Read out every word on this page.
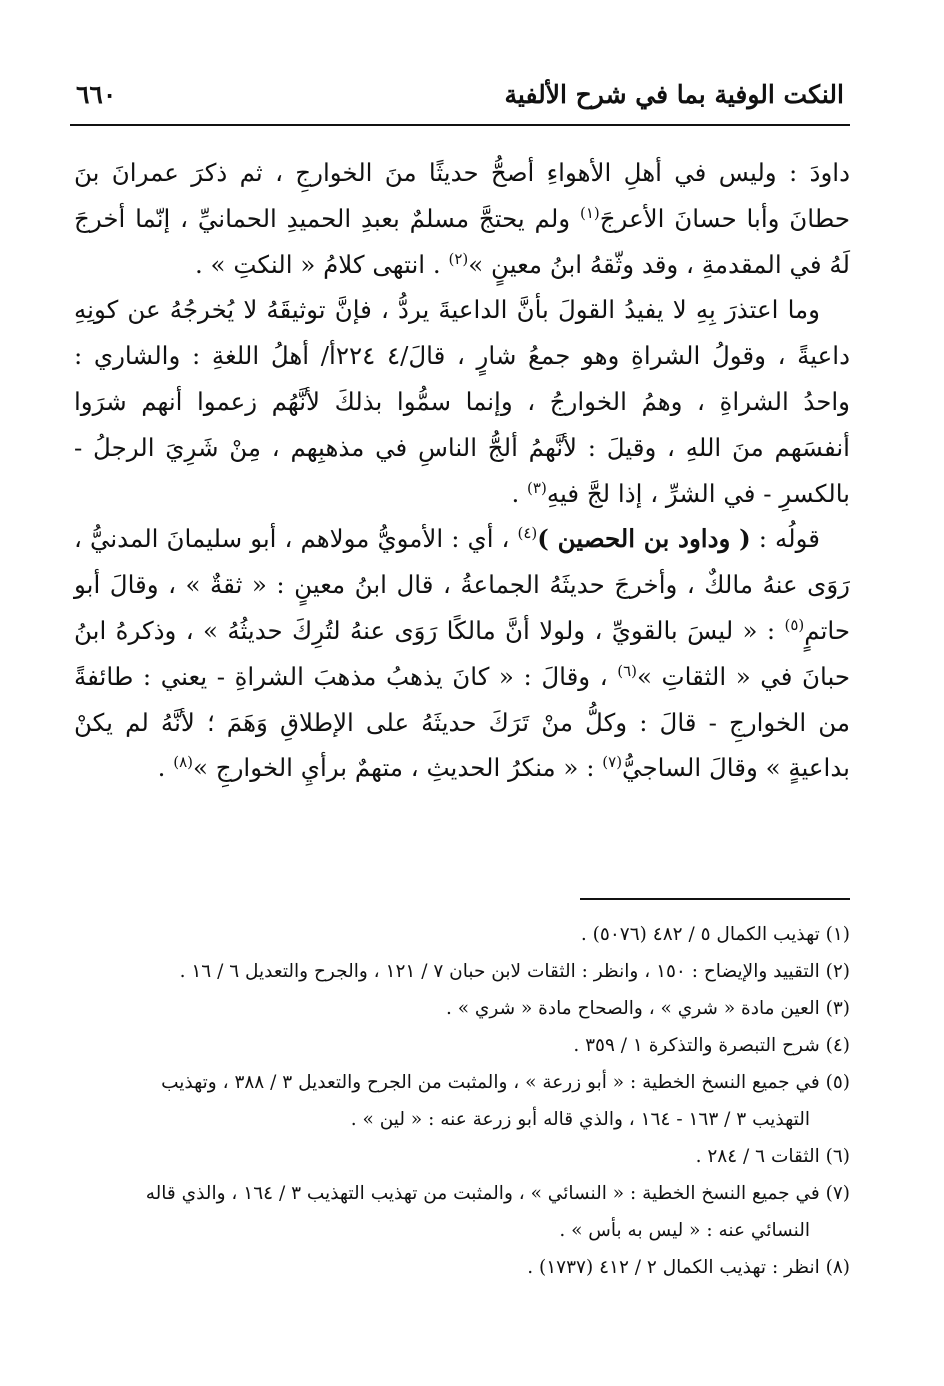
النكت الوفية بما في شرح الألفية
٦٦٠

داودَ : وليس في أهلِ الأهواءِ أصحُّ حديثًا منَ الخوارجِ ، ثم ذكرَ عمرانَ بنَ حطانَ وأبا حسانَ الأعرجَ$^{(١)}$ ولم يحتجَّ مسلمٌ بعبدِ الحميدِ الحمانيِّ ، إنّما أخرجَ لَهُ في المقدمةِ ، وقد وثّقهُ ابنُ معينٍ »$^{(٢)}$ . انتهى كلامُ « النكتِ » .

وما اعتذرَ بِهِ لا يفيدُ القولَ بأنَّ الداعيةَ يردُّ ، فإنَّ توثيقَهُ لا يُخرجُهُ عن كونِهِ داعيةً ، وقولُ الشراةِ وهو جمعُ شارٍ ، قالَ/٤ ٢٢٤أ/ أهلُ اللغةِ : والشاري : واحدُ الشراةِ ، وهمُ الخوارجُ ، وإنما سمُّوا بذلكَ لأنَّهُم زعموا أنهم شرَوا أنفسَهم منَ اللهِ ، وقيلَ : لأنَّهمُ ألجُّ الناسِ في مذهبِهم ، مِنْ شَرِيَ الرجلُ - بالكسرِ - في الشرِّ ، إذا لجَّ فيهِ$^{(٣)}$ .

قولُه : ( وداود بن الحصين )$^{(٤)}$ ، أي : الأمويُّ مولاهم ، أبو سليمانَ المدنيُّ ، رَوَى عنهُ مالكٌ ، وأخرجَ حديثَهُ الجماعةُ ، قال ابنُ معينٍ : « ثقةٌ » ، وقالَ أبو حاتمٍ$^{(٥)}$ : « ليسَ بالقويِّ ، ولولا أنَّ مالكًا رَوَى عنهُ لتُرِكَ حديثُهُ » ، وذكرهُ ابنُ حبانَ في « الثقاتِ »$^{(٦)}$ ، وقالَ : « كانَ يذهبُ مذهبَ الشراةِ - يعني : طائفةً من الخوارجِ - قالَ : وكلُّ منْ تَرَكَ حديثَهُ على الإطلاقِ وَهَمَ ؛ لأنَّهُ لم يكنْ بداعيةٍ » وقالَ الساجيُّ$^{(٧)}$ : « منكرُ الحديثِ ، متهمٌ برأيِ الخوارجِ »$^{(٨)}$ .

(١) تهذيب الكمال ٥ / ٤٨٢ (٥٠٧٦) .

(٢) التقييد والإيضاح : ١٥٠ ، وانظر : الثقات لابن حبان ٧ / ١٢١ ، والجرح والتعديل ٦ / ١٦ .

(٣) العين مادة « شري » ، والصحاح مادة « شري » .

(٤) شرح التبصرة والتذكرة ١ / ٣٥٩ .

(٥) في جميع النسخ الخطية : « أبو زرعة » ، والمثبت من الجرح والتعديل ٣ / ٣٨٨ ، وتهذيب

التهذيب ٣ / ١٦٣ - ١٦٤ ، والذي قاله أبو زرعة عنه : « لين » .

(٦) الثقات ٦ / ٢٨٤ .

(٧) في جميع النسخ الخطية : « النسائي » ، والمثبت من تهذيب التهذيب ٣ / ١٦٤ ، والذي قاله

النسائي عنه : « ليس به بأس » .

(٨) انظر : تهذيب الكمال ٢ / ٤١٢ (١٧٣٧) .
